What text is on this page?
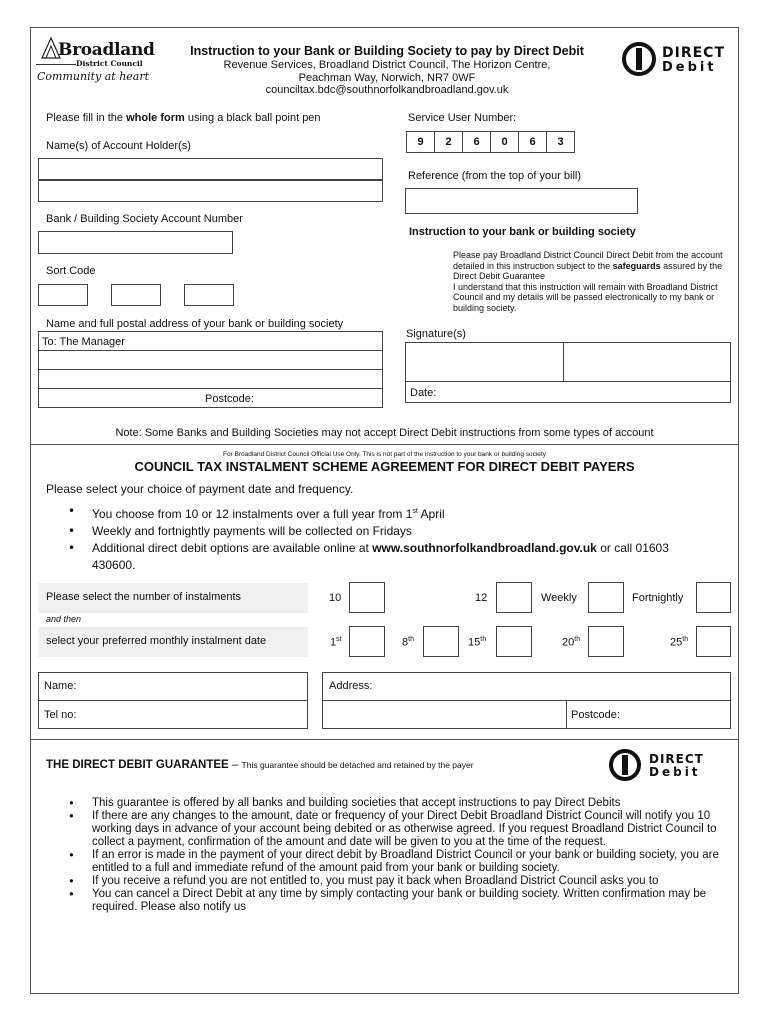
Broadland
District Council
Community at heart
Instruction to your Bank or Building Society to pay by Direct Debit
Revenue Services, Broadland District Council, The Horizon Centre,
Peachman Way, Norwich, NR7 0WF
counciltax.bdc@southnorfolkandbroadland.gov.uk
DIRECT
Debit
Please fill in the whole form using a black ball point pen
Name(s) of Account Holder(s)
Bank / Building Society Account Number
Sort Code
Name and full postal address of your bank or building society
To: The Manager
Postcode:
Service User Number:
9	2	6	0	6	3
Reference (from the top of your bill)
Instruction to your bank or building society
Please pay Broadland District Council Direct Debit from the account detailed in this instruction subject to the safeguards assured by the Direct Debit Guarantee
I understand that this instruction will remain with Broadland District Council and my details will be passed electronically to my bank or building society.
Signature(s)
Date:
Note: Some Banks and Building Societies may not accept Direct Debit instructions from some types of account
For Broadland District Council Official Use Only. This is not part of the instruction to your bank or building society
COUNCIL TAX INSTALMENT SCHEME AGREEMENT FOR DIRECT DEBIT PAYERS
Please select your choice of payment date and frequency.
• You choose from 10 or 12 instalments over a full year from 1st April
• Weekly and fortnightly payments will be collected on Fridays
• Additional direct debit options are available online at www.southnorfolkandbroadland.gov.uk or call 01603
430600.
Please select the number of instalments	10	12	Weekly	Fortnightly
and then
select your preferred monthly instalment date	1st	8th	15th	20th	25th
Name:
Tel no:
Address:
Postcode:
THE DIRECT DEBIT GUARANTEE – This guarantee should be detached and retained by the payer	DIRECT
Debit
• This guarantee is offered by all banks and building societies that accept instructions to pay Direct Debits
• If there are any changes to the amount, date or frequency of your Direct Debit Broadland District Council will notify you 10 working days in advance of your account being debited or as otherwise agreed. If you request Broadland District Council to collect a payment, confirmation of the amount and date will be given to you at the time of the request.
• If an error is made in the payment of your direct debit by Broadland District Council or your bank or building society, you are entitled to a full and immediate refund of the amount paid from your bank or building society.
• If you receive a refund you are not entitled to, you must pay it back when Broadland District Council asks you to
• You can cancel a Direct Debit at any time by simply contacting your bank or building society. Written confirmation may be required. Please also notify us
